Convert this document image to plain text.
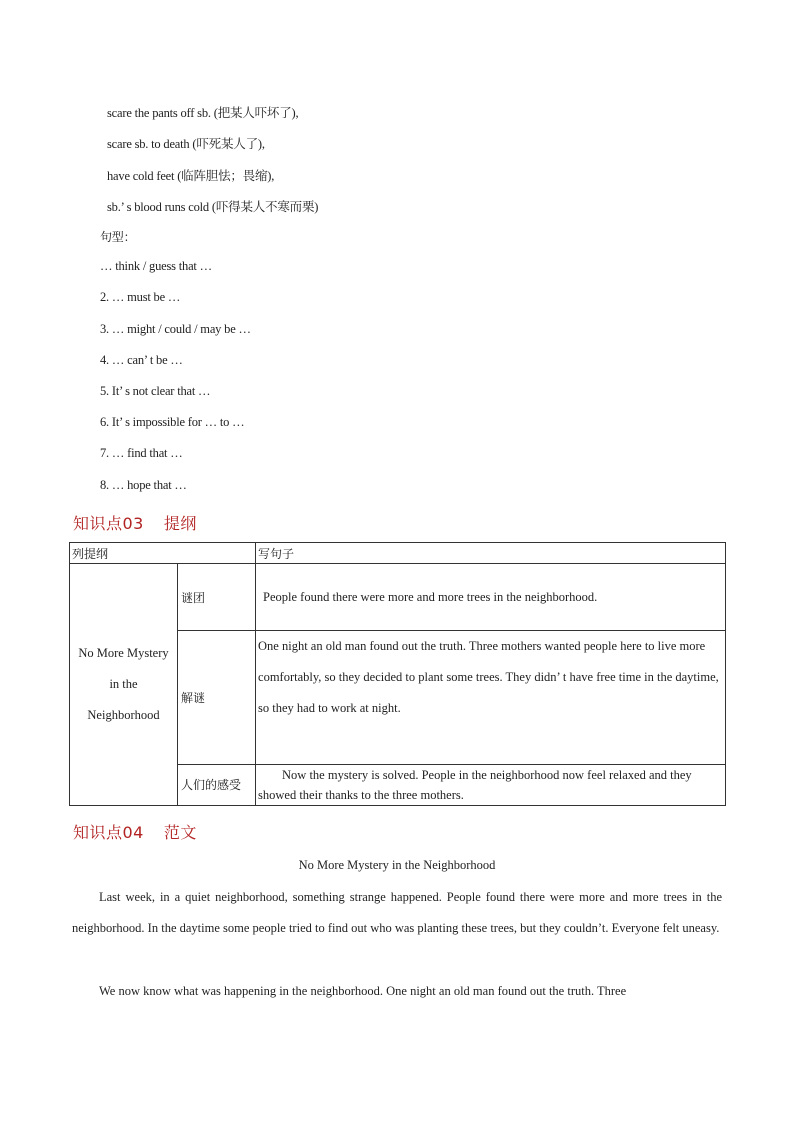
scare the pants off sb. (把某人吓坏了),
scare sb. to death (吓死某人了),
have cold feet (临阵胆怯；畏缩),
sb.’ s blood runs cold (吓得某人不寒而栗)
句型：
… think / guess that …
2. … must be …
3. … might / could / may be …
4. … can’ t be …
5. It’ s not clear that …
6. It’ s impossible for … to …
7. … find that …
8. … hope that …
知识点03 提纲
列提纲		写句子

No More Mystery
in the
Neighborhood	谜团	People found there were more and more trees in the neighborhood.
	解谜	One night an old man found out the truth. Three mothers wanted people here to live more comfortably, so they decided to plant some trees. They didn’ t have free time in the daytime, so they had to work at night.
	人们的感受	Now the mystery is solved. People in the neighborhood now feel relaxed and they showed their thanks to the three mothers.
知识点04 范文
No More Mystery in the Neighborhood
Last week, in a quiet neighborhood, something strange happened. People found there were more and more trees in the neighborhood. In the daytime some people tried to find out who was planting these trees, but they couldn’t. Everyone felt uneasy.
We now know what was happening in the neighborhood. One night an old man found out the truth. Three
